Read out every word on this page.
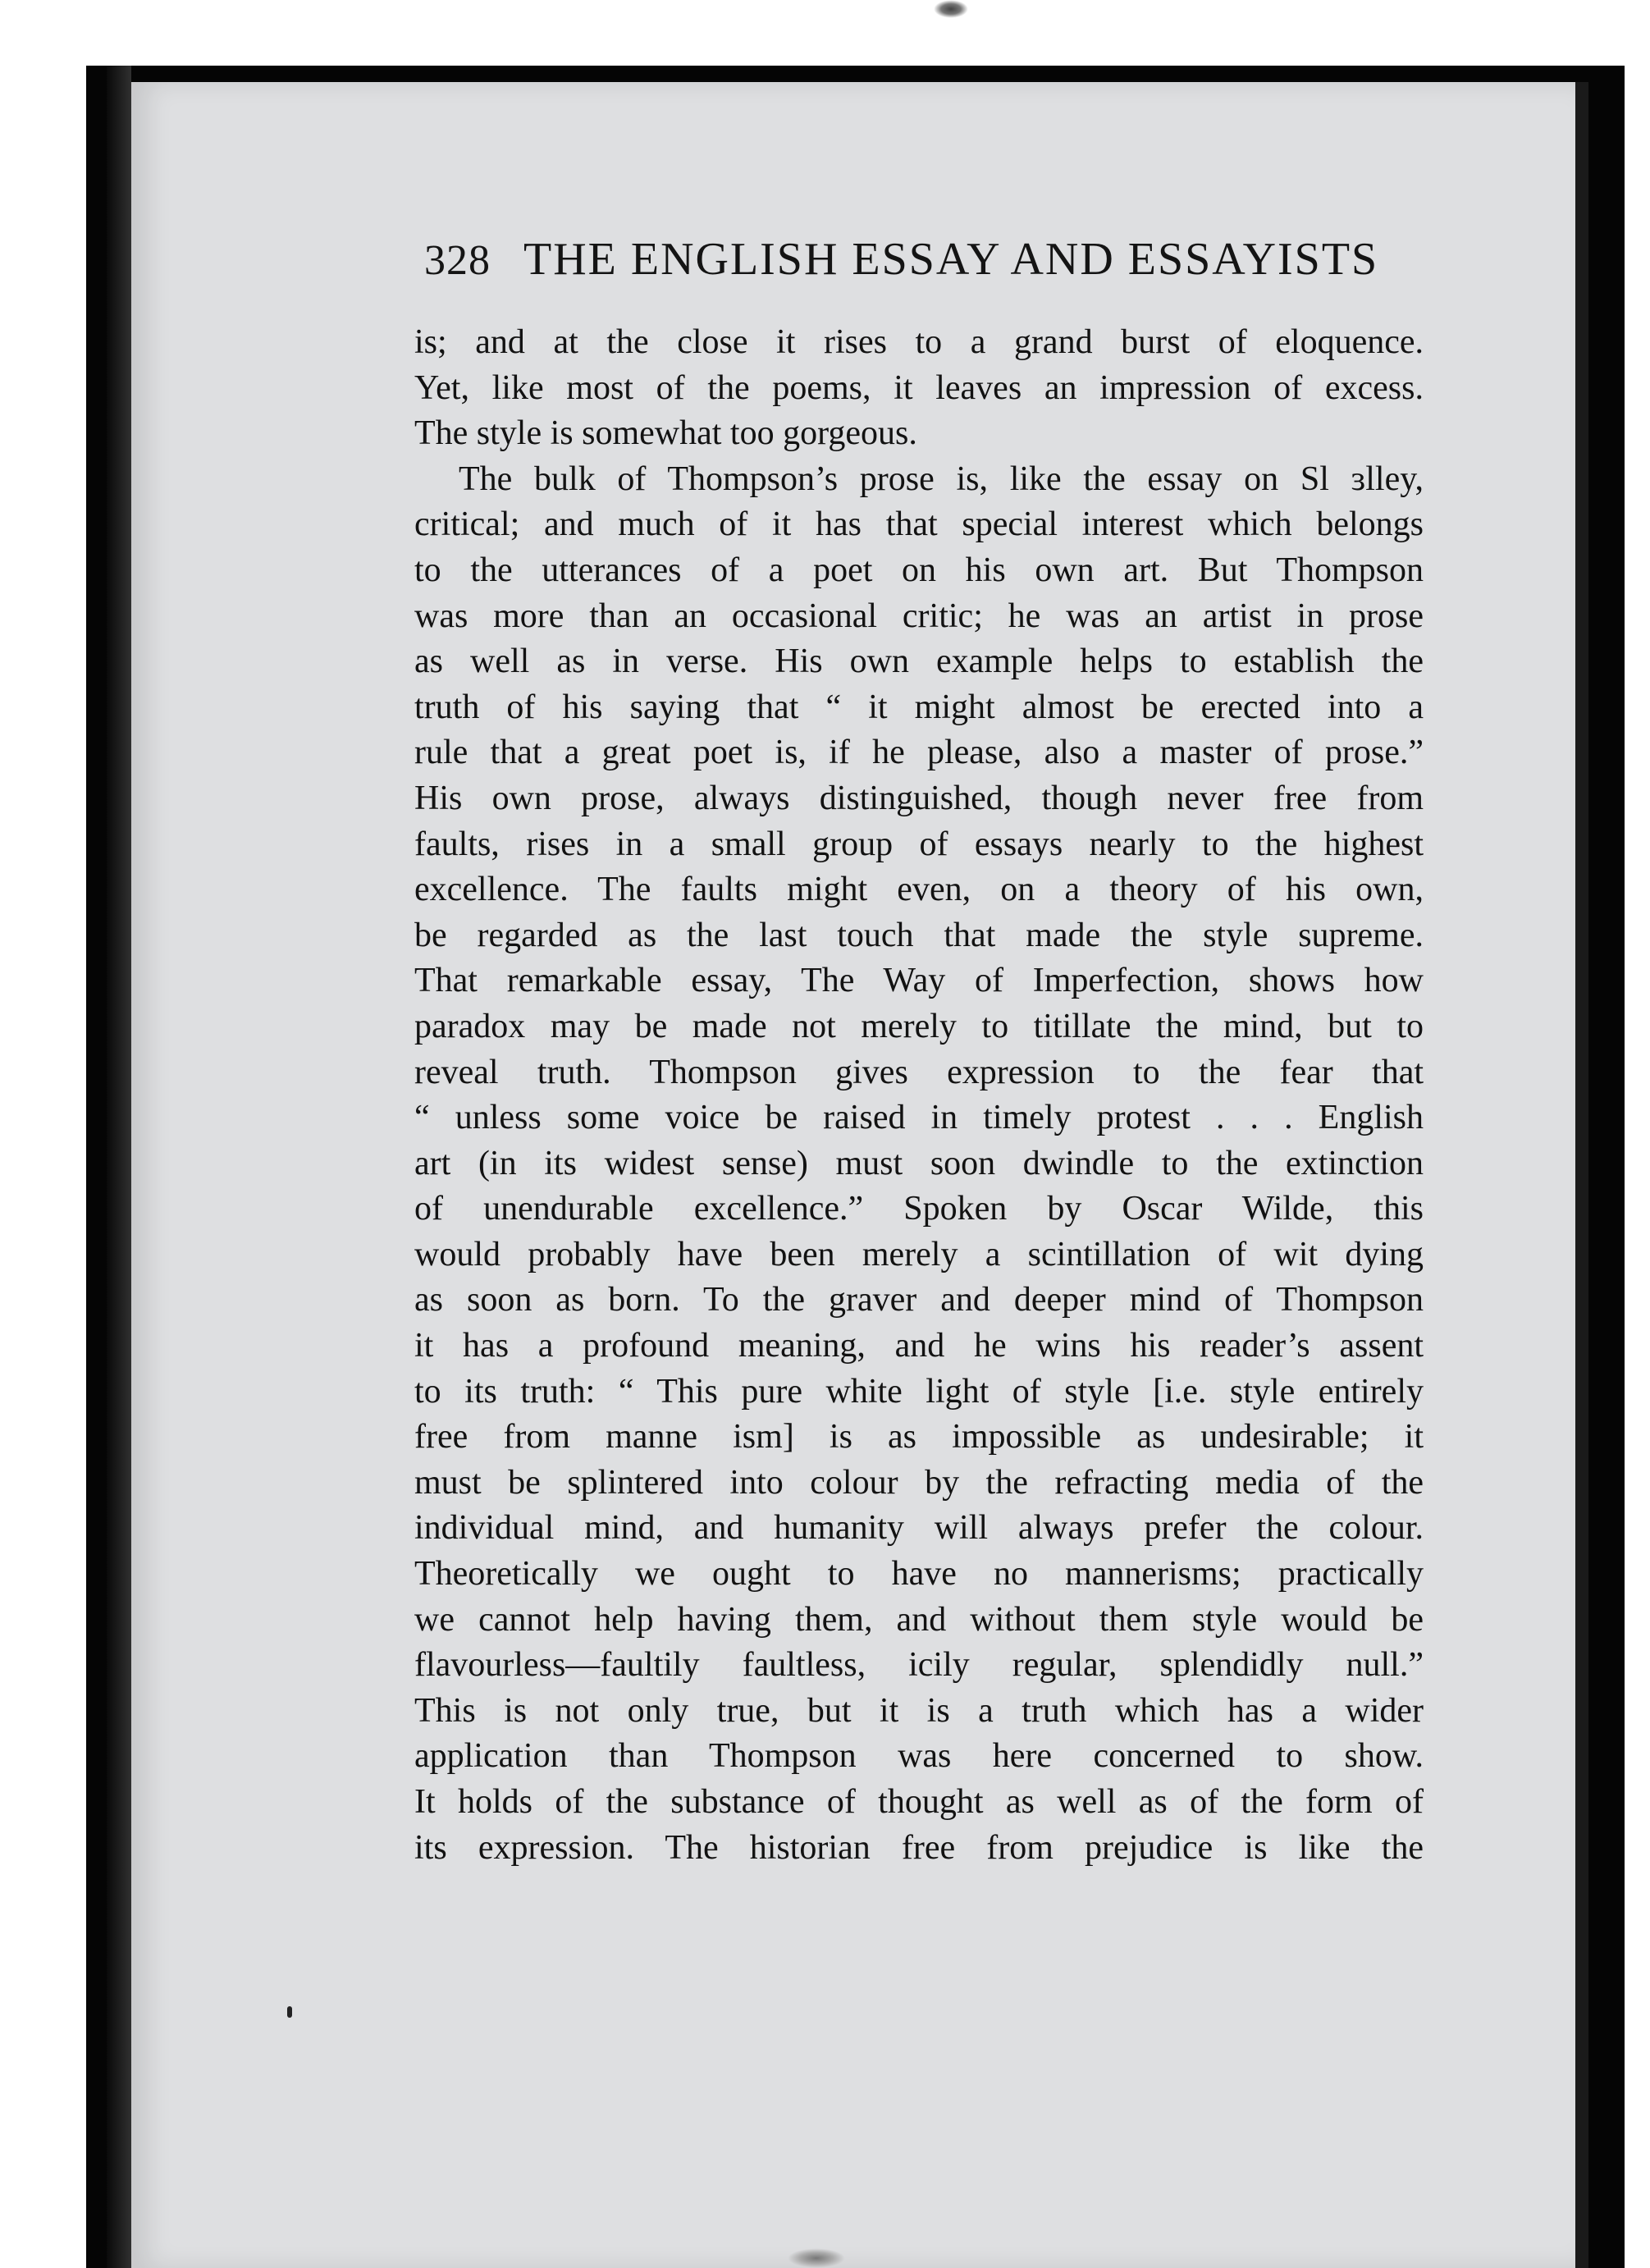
328 THE ENGLISH ESSAY AND ESSAYISTS
is; and at the close it rises to a grand burst of eloquence.
Yet, like most of the poems, it leaves an impression of excess.
The style is somewhat too gorgeous.
The bulk of Thompson’s prose is, like the essay on Sl ɜlley,
critical; and much of it has that special interest which belongs
to the utterances of a poet on his own art. But Thompson
was more than an occasional critic; he was an artist in prose
as well as in verse. His own example helps to establish the
truth of his saying that “ it might almost be erected into a
rule that a great poet is, if he please, also a master of prose.”
His own prose, always distinguished, though never free from
faults, rises in a small group of essays nearly to the highest
excellence. The faults might even, on a theory of his own,
be regarded as the last touch that made the style supreme.
That remarkable essay, The Way of Imperfection, shows how
paradox may be made not merely to titillate the mind, but to
reveal truth. Thompson gives expression to the fear that
“ unless some voice be raised in timely protest . . . English
art (in its widest sense) must soon dwindle to the extinction
of unendurable excellence.” Spoken by Oscar Wilde, this
would probably have been merely a scintillation of wit dying
as soon as born. To the graver and deeper mind of Thompson
it has a profound meaning, and he wins his reader’s assent
to its truth: “ This pure white light of style [i.e. style entirely
free from manne ism] is as impossible as undesirable; it
must be splintered into colour by the refracting media of the
individual mind, and humanity will always prefer the colour.
Theoretically we ought to have no mannerisms; practically
we cannot help having them, and without them style would be
flavourless—faultily faultless, icily regular, splendidly null.”
This is not only true, but it is a truth which has a wider
application than Thompson was here concerned to show.
It holds of the substance of thought as well as of the form of
its expression. The historian free from prejudice is like the
